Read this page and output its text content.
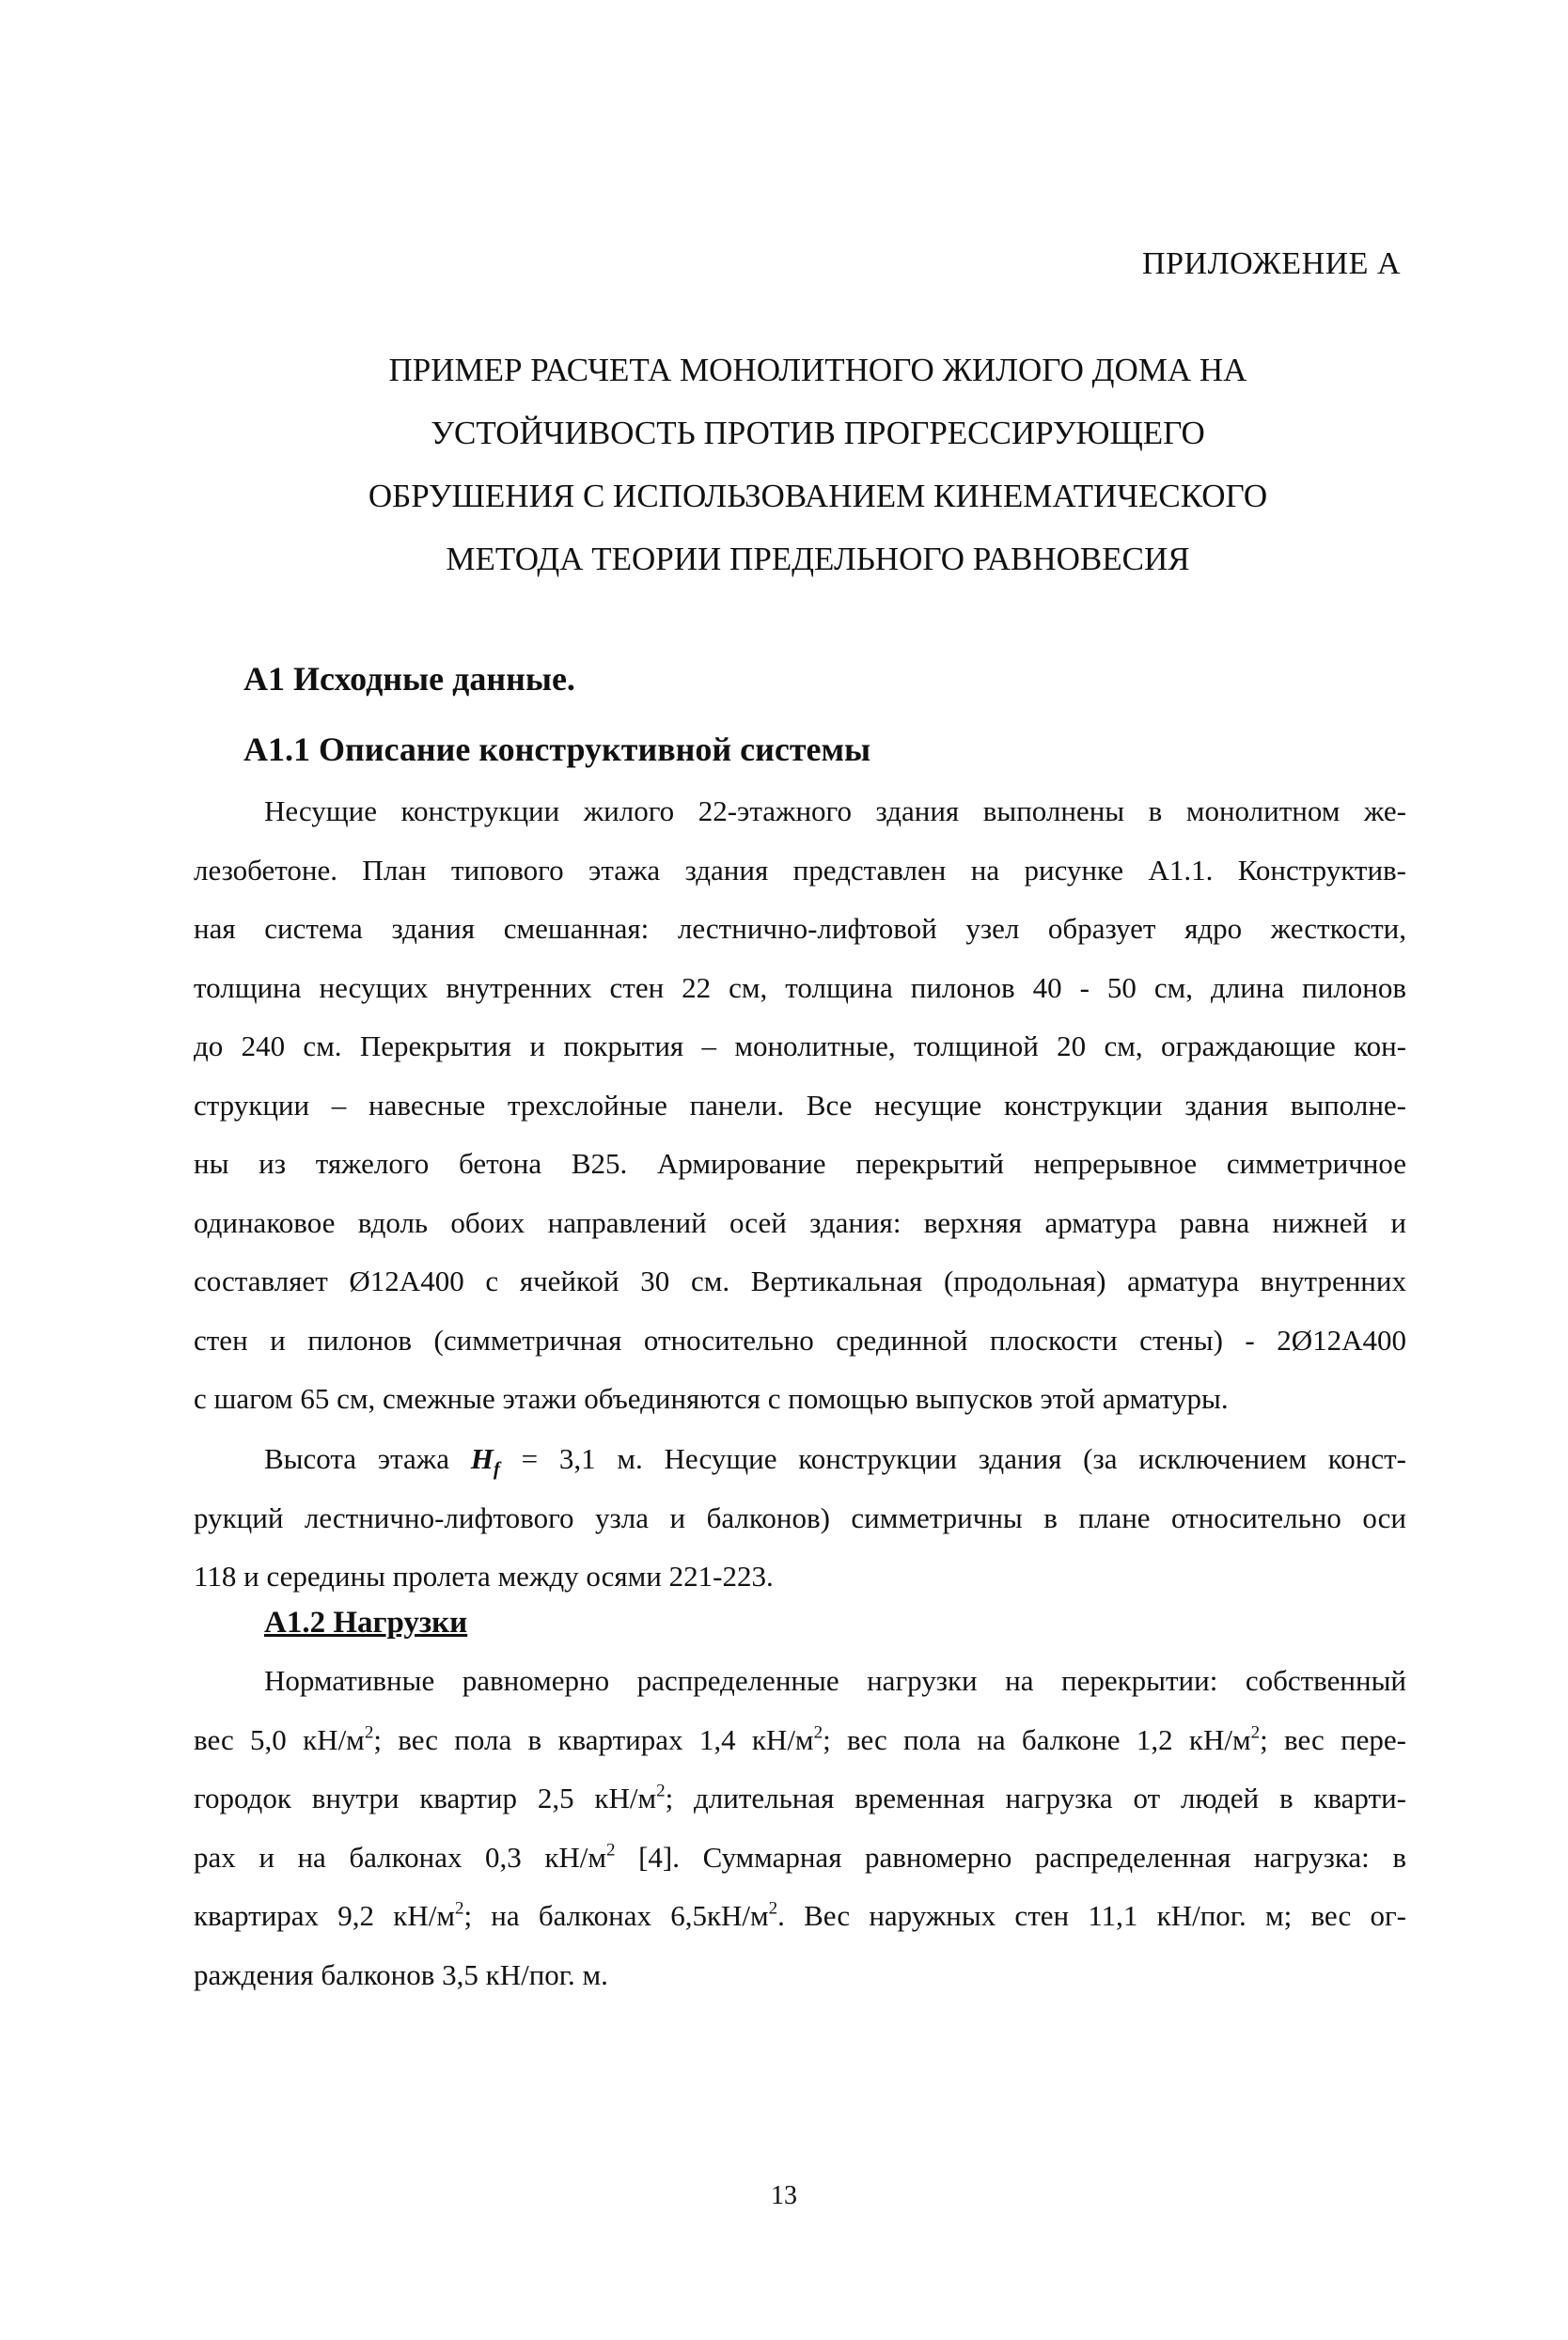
ПРИЛОЖЕНИЕ А
ПРИМЕР РАСЧЕТА МОНОЛИТНОГО ЖИЛОГО ДОМА НА
УСТОЙЧИВОСТЬ ПРОТИВ ПРОГРЕССИРУЮЩЕГО
ОБРУШЕНИЯ С ИСПОЛЬЗОВАНИЕМ КИНЕМАТИЧЕСКОГО
МЕТОДА ТЕОРИИ ПРЕДЕЛЬНОГО РАВНОВЕСИЯ
А1 Исходные данные.
А1.1 Описание конструктивной системы
Несущие конструкции жилого 22-этажного здания выполнены в монолитном же-
лезобетоне. План типового этажа здания представлен на рисунке А1.1. Конструктив-
ная система здания смешанная: лестнично-лифтовой узел образует ядро жесткости,
толщина несущих внутренних стен 22 см, толщина пилонов 40 - 50 см, длина пилонов
до 240 см. Перекрытия и покрытия – монолитные, толщиной 20 см, ограждающие кон-
струкции – навесные трехслойные панели. Все несущие конструкции здания выполне-
ны из тяжелого бетона В25. Армирование перекрытий непрерывное симметричное
одинаковое вдоль обоих направлений осей здания: верхняя арматура равна нижней и
составляет Ø12А400 с ячейкой 30 см. Вертикальная (продольная) арматура внутренних
стен и пилонов (симметричная относительно срединной плоскости стены) - 2Ø12А400
с шагом 65 см, смежные этажи объединяются с помощью выпусков этой арматуры.
Высота этажа $H_f = 3,1$ м. Несущие конструкции здания (за исключением конст-
рукций лестнично-лифтового узла и балконов) симметричны в плане относительно оси
118 и середины пролета между осями 221-223.
А1.2 Нагрузки
Нормативные равномерно распределенные нагрузки на перекрытии: собственный
вес 5,0 $кН/м^2$; вес пола в квартирах 1,4 $кН/м^2$; вес пола на балконе 1,2 $кН/м^2$; вес пере-
городок внутри квартир 2,5 $кН/м^2$; длительная временная нагрузка от людей в кварти-
рах и на балконах 0,3 $кН/м^2$ [4]. Суммарная равномерно распределенная нагрузка: в
квартирах 9,2 $кН/м^2$; на балконах $6,5кН/м^2$. Вес наружных стен 11,1 кН/пог. м; вес ог-
раждения балконов 3,5 кН/пог. м.
13
